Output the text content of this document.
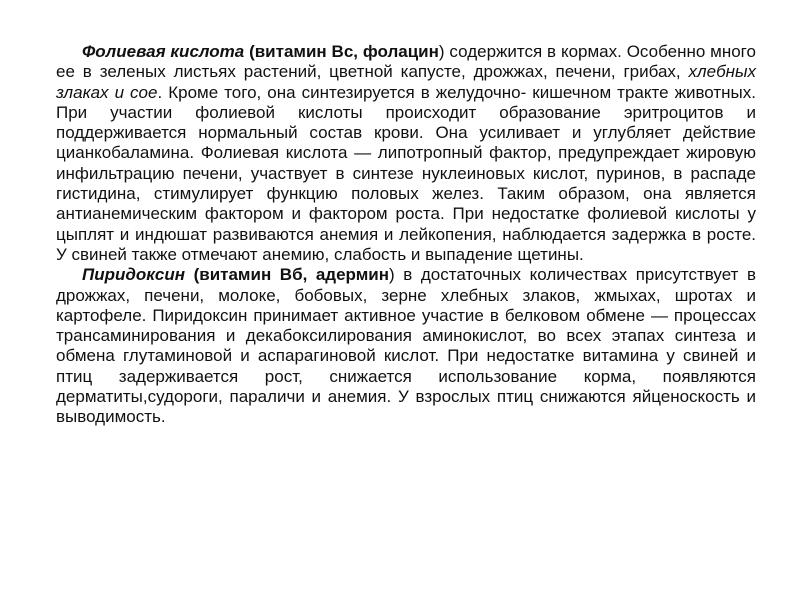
Фолиевая кислота (витамин Вс, фолацин) содержится в кормах. Особенно много ее в зеленых листьях растений, цветной капусте, дрожжах, печени, грибах, хлебных злаках и сое. Кроме того, она синтезируется в желудочно- кишечном тракте животных. При участии фолиевой кислоты происходит образование эритроцитов и поддерживается нормальный состав крови. Она усиливает и углубляет действие цианкобаламина. Фолиевая кислота — липотропный фактор, предупреждает жировую инфильтрацию печени, участвует в синтезе нуклеиновых кислот, пуринов, в распаде гистидина, стимулирует функцию половых желез. Таким образом, она является антианемическим фактором и фактором роста. При недостатке фолиевой кислоты у цыплят и индюшат развиваются анемия и лейкопения, наблюдается задержка в росте. У свиней также отмечают анемию, слабость и выпадение щетины.

Пиридоксин (витамин Вб, адермин) в достаточных количествах присутствует в дрожжах, печени, молоке, бобовых, зерне хлебных злаков, жмыхах, шротах и картофеле. Пиридоксин принимает активное участие в белковом обмене — процессах трансаминирования и декабоксилирования аминокислот, во всех этапах синтеза и обмена глутаминовой и аспарагиновой кислот. При недостатке витамина у свиней и птиц задерживается рост, снижается использование корма, появляются дерматиты,судороги, параличи и анемия. У взрослых птиц снижаются яйценоскость и выводимость.
